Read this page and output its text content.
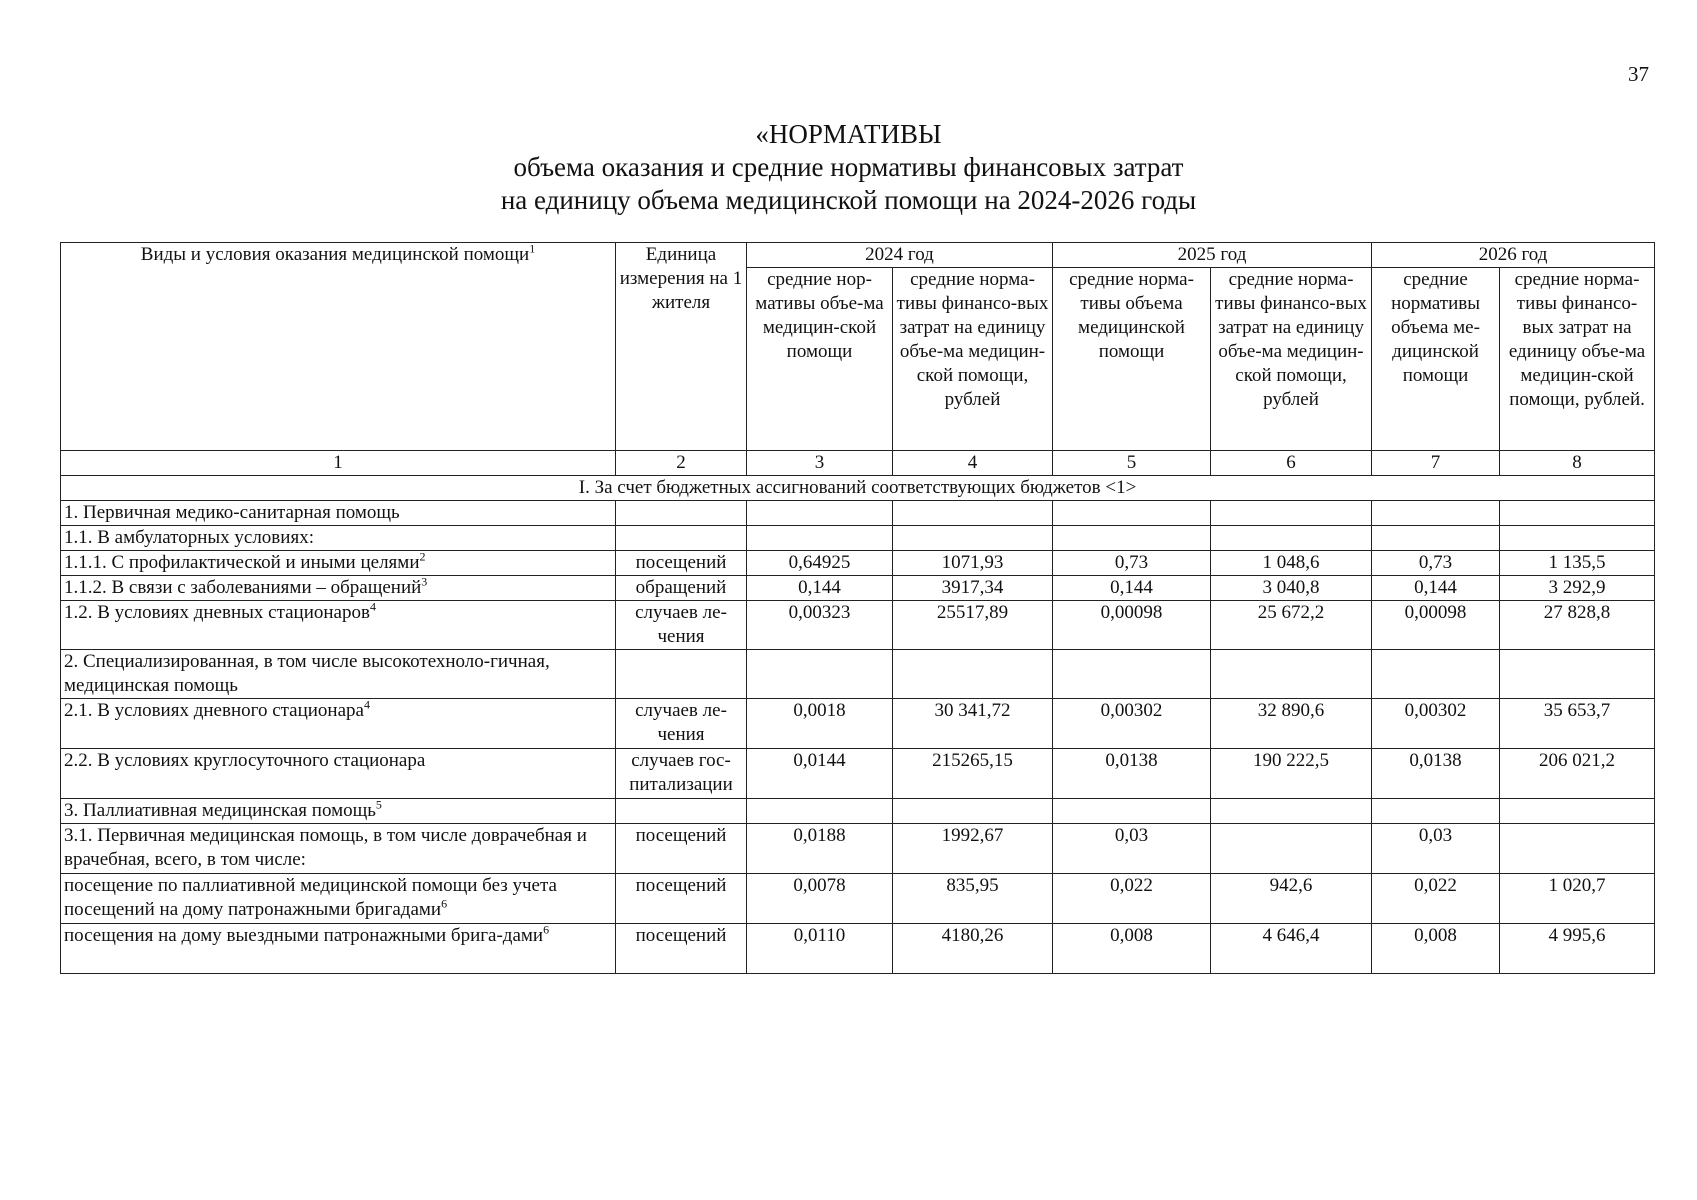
37
«НОРМАТИВЫ
объема оказания и средние нормативы финансовых затрат
на единицу объема медицинской помощи на 2024-2026 годы
Виды и условия оказания медицинской помощи$^1$	Единица измерения на 1 жителя	2024 год		2025 год		2026 год	
		средние нор-мативы объе-ма медицин-ской помощи	средние норма-тивы финансо-вых затрат на единицу объе-ма медицин-ской помощи, рублей	средние норма-тивы объема медицинской помощи	средние норма-тивы финансо-вых затрат на единицу объе-ма медицин-ской помощи, рублей	средние нормативы объема ме-дицинской помощи	средние норма-тивы финансо-вых затрат на единицу объе-ма медицин-ской помощи, рублей.
1	2	3	4	5	6	7	8
I. За счет бюджетных ассигнований соответствующих бюджетов <1>							
1. Первичная медико-санитарная помощь							
1.1. В амбулаторных условиях:							
1.1.1. С профилактической и иными целями$^2$	посещений	0,64925	1071,93	0,73	1 048,6	0,73	1 135,5
1.1.2. В связи с заболеваниями – обращений$^3$	обращений	0,144	3917,34	0,144	3 040,8	0,144	3 292,9
1.2. В условиях дневных стационаров$^4$	случаев ле-чения	0,00323	25517,89	0,00098	25 672,2	0,00098	27 828,8
2. Специализированная, в том числе высокотехноло-гичная, медицинская помощь							
2.1. В условиях дневного стационара$^4$	случаев ле-чения	0,0018	30 341,72	0,00302	32 890,6	0,00302	35 653,7
2.2. В условиях круглосуточного стационара	случаев гос-питализации	0,0144	215265,15	0,0138	190 222,5	0,0138	206 021,2
3. Паллиативная медицинская помощь$^5$							
3.1. Первичная медицинская помощь, в том числе доврачебная и врачебная, всего, в том числе:	посещений	0,0188	1992,67	0,03		0,03	
посещение по паллиативной медицинской помощи без учета посещений на дому патронажными бригадами$^6$	посещений	0,0078	835,95	0,022	942,6	0,022	1 020,7
посещения на дому выездными патронажными брига-дами$^6$	посещений	0,0110	4180,26	0,008	4 646,4	0,008	4 995,6
